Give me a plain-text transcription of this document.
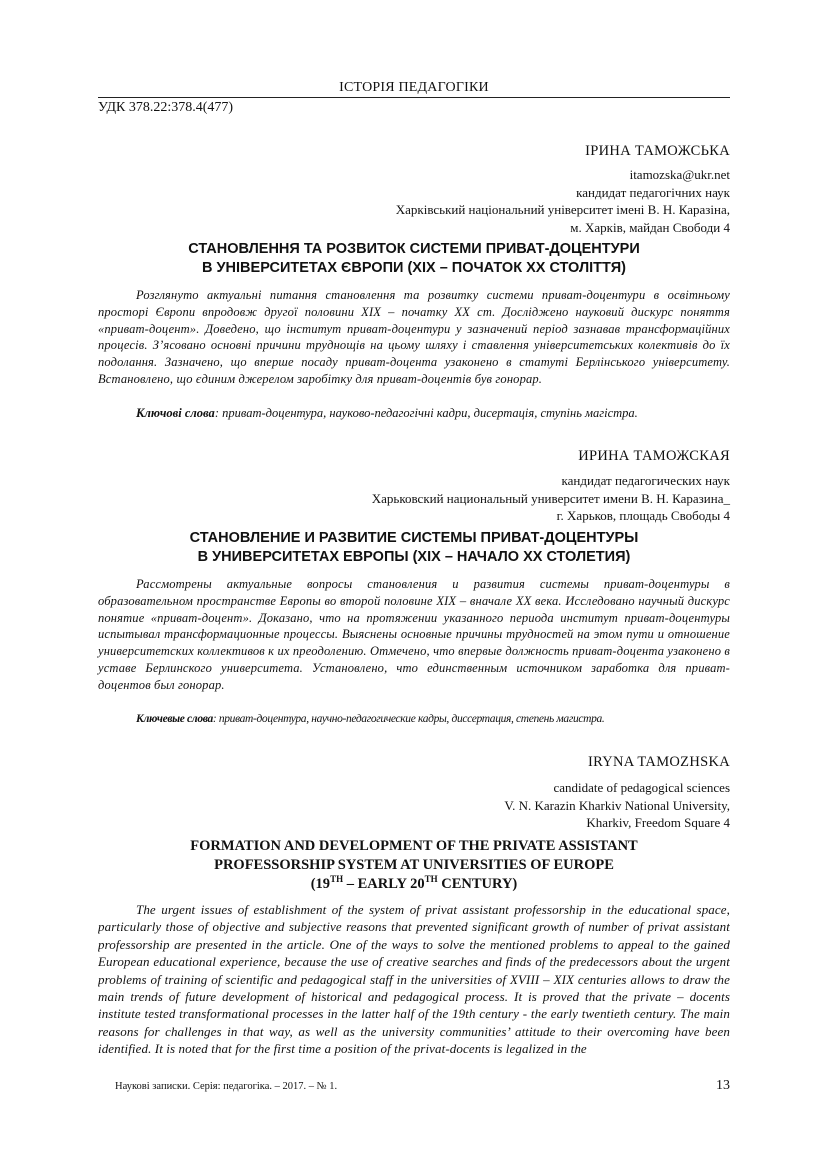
ІСТОРІЯ ПЕДАГОГІКИ
УДК 378.22:378.4(477)
ІРИНА ТАМОЖСЬКА
itamozska@ukr.net
кандидат педагогічних наук
Харківський національний університет імені В. Н. Каразіна,
м. Харків, майдан Свободи 4
СТАНОВЛЕННЯ ТА РОЗВИТОК СИСТЕМИ ПРИВАТ-ДОЦЕНТУРИ
В УНІВЕРСИТЕТАХ ЄВРОПИ (XIX – ПОЧАТОК XX СТОЛІТТЯ)
Розглянуто актуальні питання становлення та розвитку системи приват-доцентури в освітньому просторі Європи впродовж другої половини XIX – початку XX ст. Досліджено науковий дискурс поняття «приват-доцент». Доведено, що інститут приват-доцентури у зазначений період зазнавав трансформаційних процесів. З’ясовано основні причини труднощів на цьому шляху і ставлення університетських колективів до їх подолання. Зазначено, що вперше посаду приват-доцента узаконено в статуті Берлінського університету. Встановлено, що єдиним джерелом заробітку для приват-доцентів був гонорар.
Ключові слова: приват-доцентура, науково-педагогічні кадри, дисертація, ступінь магістра.
ИРИНА ТАМОЖСКАЯ
кандидат педагогических наук
Харьковский национальный университет имени В. Н. Каразина_
г. Харьков, площадь Свободы 4
СТАНОВЛЕНИЕ И РАЗВИТИЕ СИСТЕМЫ ПРИВАТ-ДОЦЕНТУРЫ
В УНИВЕРСИТЕТАХ ЕВРОПЫ (XIX – НАЧАЛО XX СТОЛЕТИЯ)
Рассмотрены актуальные вопросы становления и развития системы приват-доцентуры в образовательном пространстве Европы во второй половине XIX – вначале XX века. Исследовано научный дискурс понятие «приват-доцент». Доказано, что на протяжении указанного периода институт приват-доцентуры испытывал трансформационные процессы. Выяснены основные причины трудностей на этом пути и отношение университетских коллективов к их преодолению. Отмечено, что впервые должность приват-доцента узаконено в уставе Берлинского университета. Установлено, что единственным источником заработка для приват-доцентов был гонорар.
Ключевые слова: приват-доцентура, научно-педагогические кадры, диссертация, степень магистра.
IRYNA TAMOZHSKA
candidate of pedagogical sciences
V. N. Karazin Kharkiv National University,
Kharkiv, Freedom Square 4
FORMATION AND DEVELOPMENT OF THE PRIVATE ASSISTANT
PROFESSORSHIP SYSTEM AT UNIVERSITIES OF EUROPE
(19TH – EARLY 20TH CENTURY)
The urgent issues of establishment of the system of privat assistant professorship in the educational space, particularly those of objective and subjective reasons that prevented significant growth of number of privat assistant professorship are presented in the article. One of the ways to solve the mentioned problems to appeal to the gained European educational experience, because the use of creative searches and finds of the predecessors about the urgent problems of training of scientific and pedagogical staff in the universities of XVIII – XIX centuries allows to draw the main trends of future development of historical and pedagogical process. It is proved that the private – docents institute tested transformational processes in the latter half of the 19th century - the early twentieth century. The main reasons for challenges in that way, as well as the university communities’ attitude to their overcoming have been identified. It is noted that for the first time a position of the privat-docents is legalized in the
Наукові записки. Серія: педагогіка. – 2017. – № 1.	13
